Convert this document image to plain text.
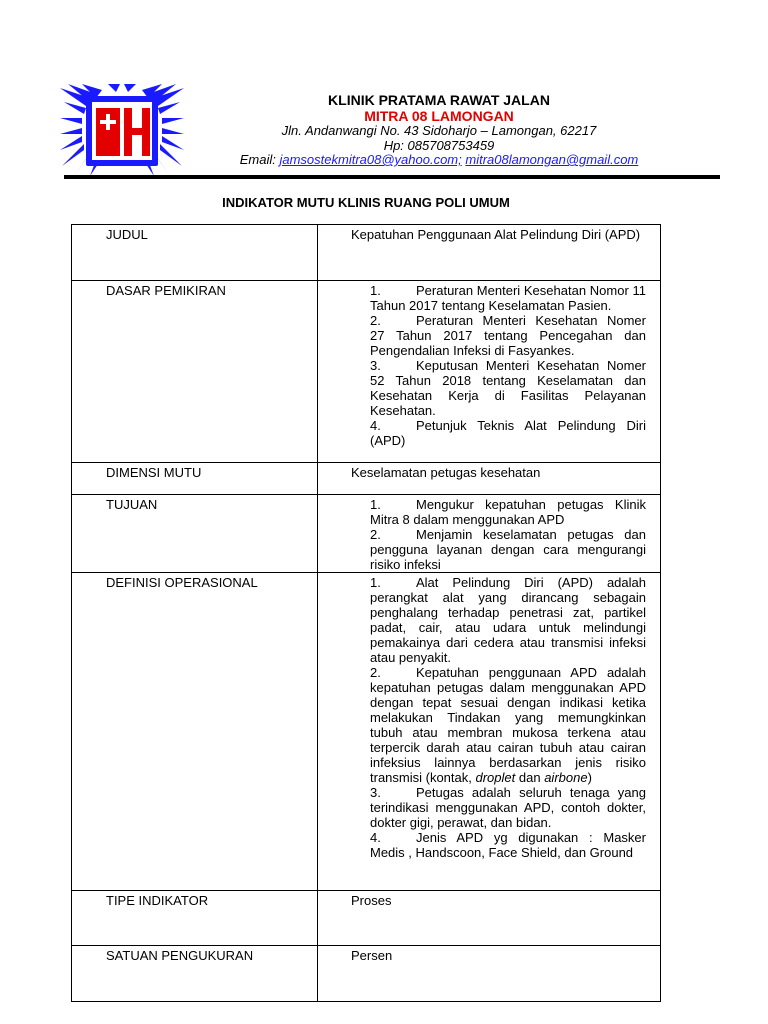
KLINIK PRATAMA RAWAT JALAN
MITRA 08 LAMONGAN
Jln. Andanwangi No. 43 Sidoharjo – Lamongan, 62217
Hp: 085708753459
Email: jamsostekmitra08@yahoo.com; mitra08lamongan@gmail.com
INDIKATOR MUTU KLINIS RUANG POLI UMUM
JUDUL	Kepatuhan Penggunaan Alat Pelindung Diri (APD)
DASAR PEMIKIRAN	1. Peraturan Menteri Kesehatan Nomor 11 Tahun 2017 tentang Keselamatan Pasien.

2. Peraturan Menteri Kesehatan Nomer 27 Tahun 2017 tentang Pencegahan dan Pengendalian Infeksi di Fasyankes.

3. Keputusan Menteri Kesehatan Nomer 52 Tahun 2018 tentang Keselamatan dan Kesehatan Kerja di Fasilitas Pelayanan Kesehatan.

4. Petunjuk Teknis Alat Pelindung Diri (APD)

DIMENSI MUTU	Keselamatan petugas kesehatan
TUJUAN	1. Mengukur kepatuhan petugas Klinik Mitra 8 dalam menggunakan APD

2. Menjamin keselamatan petugas dan pengguna layanan dengan cara mengurangi risiko infeksi

DEFINISI OPERASIONAL	1. Alat Pelindung Diri (APD) adalah perangkat alat yang dirancang sebagain penghalang terhadap penetrasi zat, partikel padat, cair, atau udara untuk melindungi pemakainya dari cedera atau transmisi infeksi atau penyakit.

2. Kepatuhan penggunaan APD adalah kepatuhan petugas dalam menggunakan APD dengan tepat sesuai dengan indikasi ketika melakukan Tindakan yang memungkinkan tubuh atau membran mukosa terkena atau terpercik darah atau cairan tubuh atau cairan infeksius lainnya berdasarkan jenis risiko transmisi (kontak, droplet dan airbone)

3. Petugas adalah seluruh tenaga yang terindikasi menggunakan APD, contoh dokter, dokter gigi, perawat, dan bidan.

4. Jenis APD yg digunakan : Masker Medis , Handscoon, Face Shield, dan Ground

TIPE INDIKATOR	Proses
SATUAN PENGUKURAN	Persen
